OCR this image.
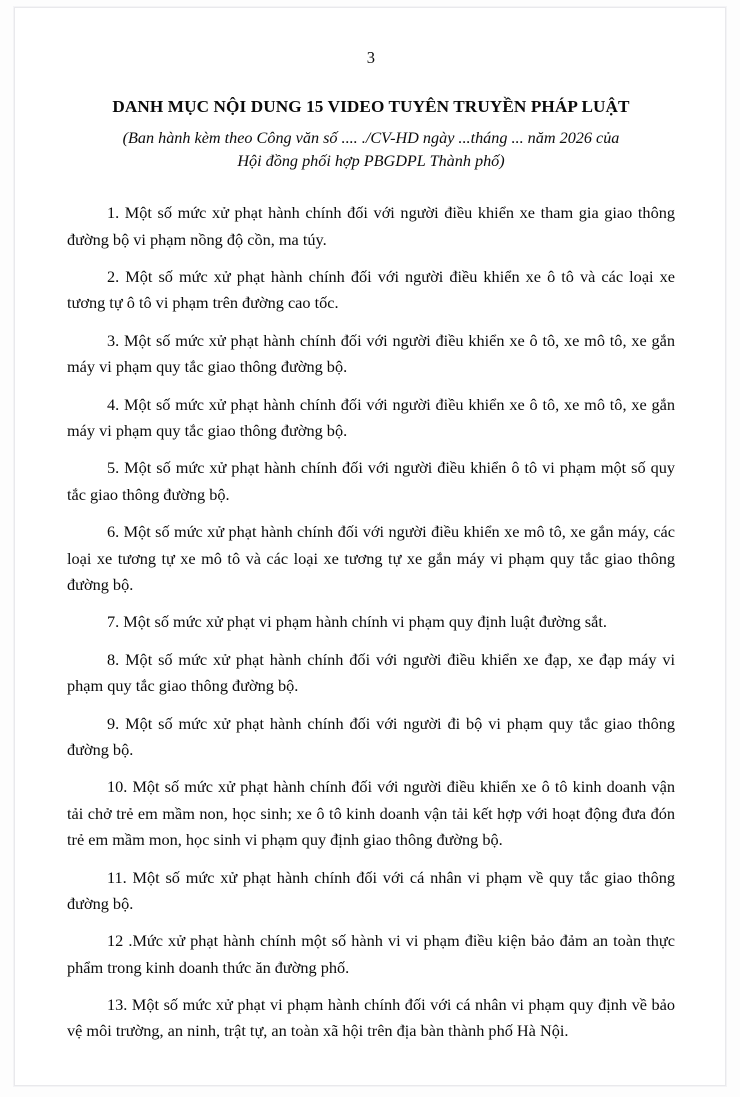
3
DANH MỤC NỘI DUNG 15 VIDEO TUYÊN TRUYỀN PHÁP LUẬT
(Ban hành kèm theo Công văn số .... ./CV-HD ngày ...tháng ... năm 2026 của
Hội đồng phối hợp PBGDPL Thành phố)

1. Một số mức xử phạt hành chính đối với người điều khiển xe tham gia giao thông đường bộ vi phạm nồng độ cồn, ma túy.

2. Một số mức xử phạt hành chính đối với người điều khiển xe ô tô và các loại xe tương tự ô tô vi phạm trên đường cao tốc.

3. Một số mức xử phạt hành chính đối với người điều khiển xe ô tô, xe mô tô, xe gắn máy vi phạm quy tắc giao thông đường bộ.

4. Một số mức xử phạt hành chính đối với người điều khiển xe ô tô, xe mô tô, xe gắn máy vi phạm quy tắc giao thông đường bộ.

5. Một số mức xử phạt hành chính đối với người điều khiển ô tô vi phạm một số quy tắc giao thông đường bộ.

6. Một số mức xử phạt hành chính đối với người điều khiển xe mô tô, xe gắn máy, các loại xe tương tự xe mô tô và các loại xe tương tự xe gắn máy vi phạm quy tắc giao thông đường bộ.

7. Một số mức xử phạt vi phạm hành chính vi phạm quy định luật đường sắt.

8. Một số mức xử phạt hành chính đối với người điều khiển xe đạp, xe đạp máy vi phạm quy tắc giao thông đường bộ.

9. Một số mức xử phạt hành chính đối với người đi bộ vi phạm quy tắc giao thông đường bộ.

10. Một số mức xử phạt hành chính đối với người điều khiển xe ô tô kinh doanh vận tải chở trẻ em mầm non, học sinh; xe ô tô kinh doanh vận tải kết hợp với hoạt động đưa đón trẻ em mầm mon, học sinh vi phạm quy định giao thông đường bộ.

11. Một số mức xử phạt hành chính đối với cá nhân vi phạm về quy tắc giao thông đường bộ.

12 .Mức xử phạt hành chính một số hành vi vi phạm điều kiện bảo đảm an toàn thực phẩm trong kinh doanh thức ăn đường phố.

13. Một số mức xử phạt vi phạm hành chính đối với cá nhân vi phạm quy định về bảo vệ môi trường, an ninh, trật tự, an toàn xã hội trên địa bàn thành phố Hà Nội.
